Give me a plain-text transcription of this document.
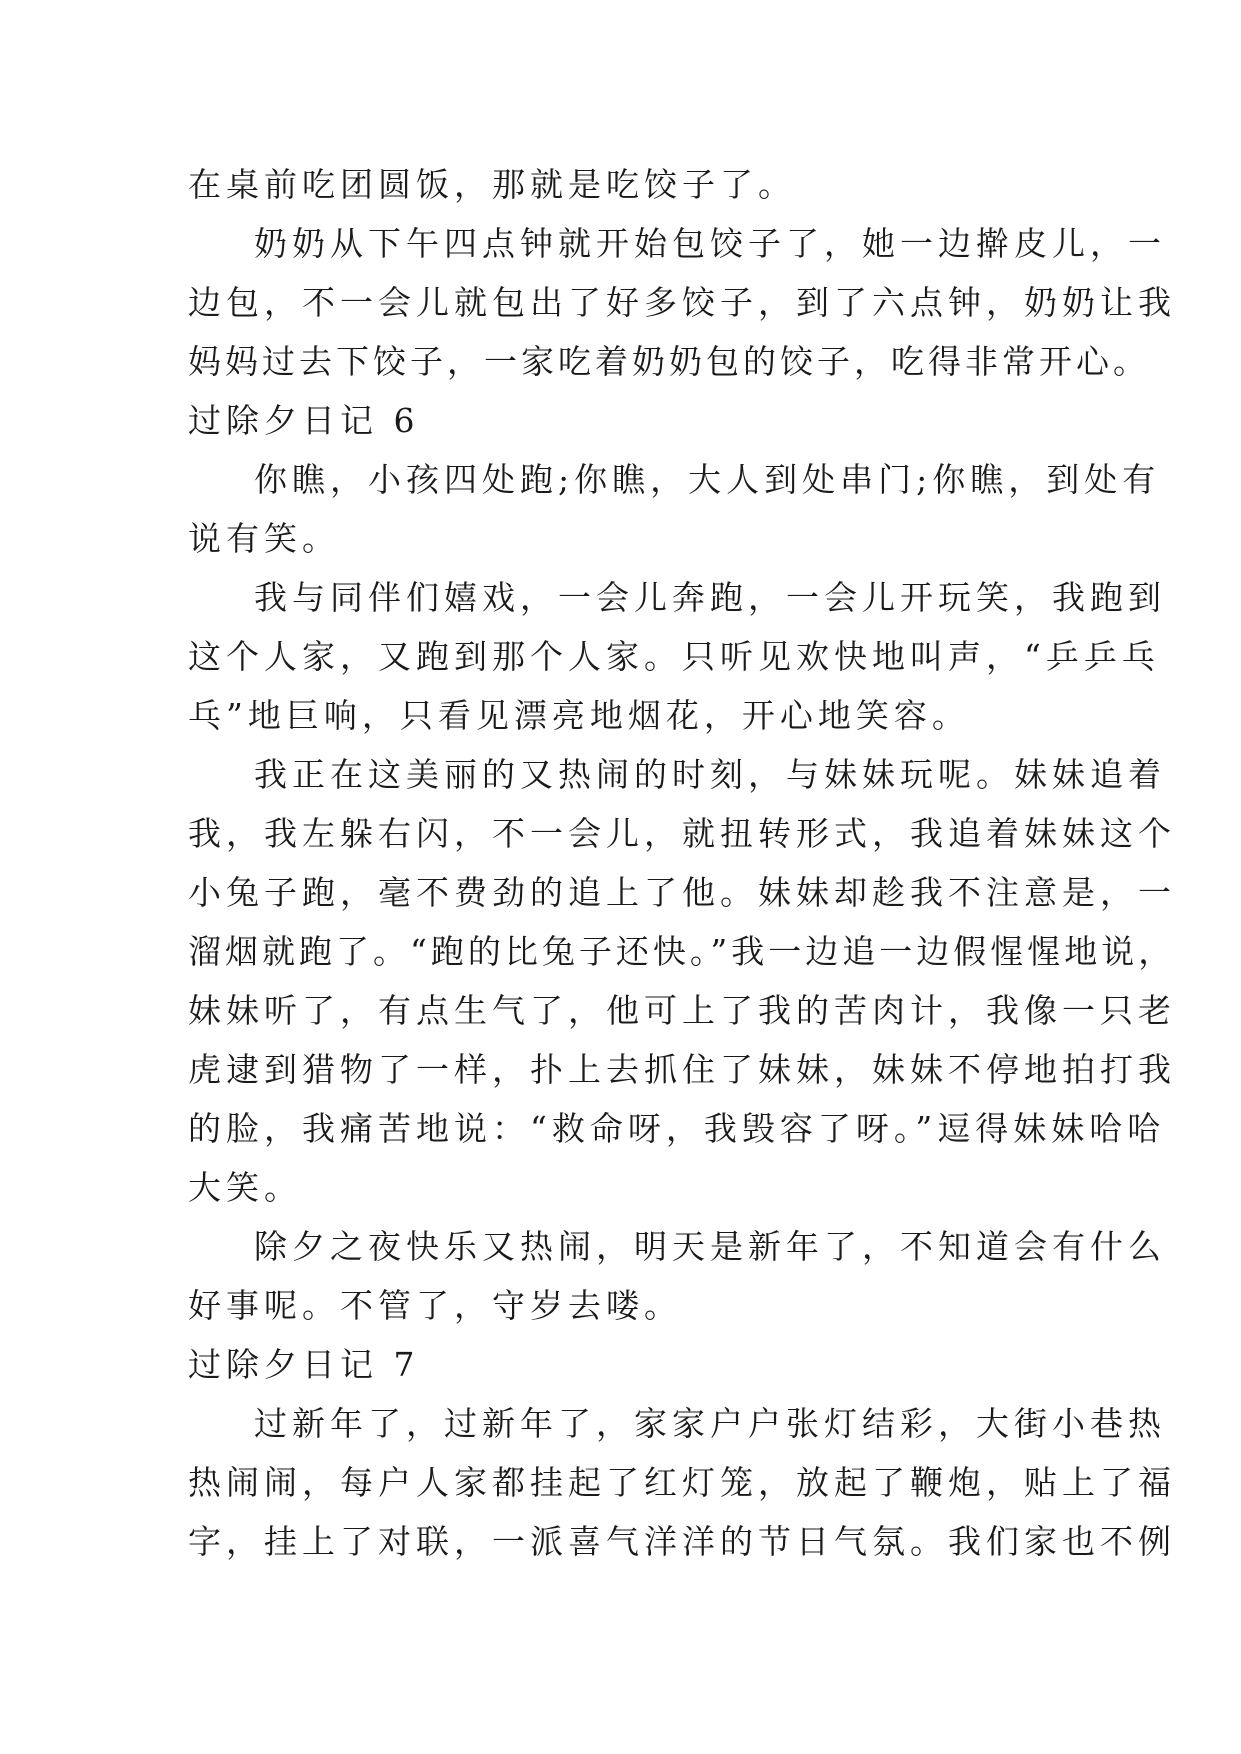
在桌前吃团圆饭，那就是吃饺子了。

奶奶从下午四点钟就开始包饺子了，她一边擀皮儿，一

边包，不一会儿就包出了好多饺子，到了六点钟，奶奶让我

妈妈过去下饺子，一家吃着奶奶包的饺子，吃得非常开心。

过除夕日记 6

你瞧，小孩四处跑;你瞧，大人到处串门;你瞧，到处有

说有笑。

我与同伴们嬉戏，一会儿奔跑，一会儿开玩笑，我跑到

这个人家，又跑到那个人家。只听见欢快地叫声，“乒乒乓

乓”地巨响，只看见漂亮地烟花，开心地笑容。

我正在这美丽的又热闹的时刻，与妹妹玩呢。妹妹追着

我，我左躲右闪，不一会儿，就扭转形式，我追着妹妹这个

小兔子跑，毫不费劲的追上了他。妹妹却趁我不注意是，一

溜烟就跑了。“跑的比兔子还快。”我一边追一边假惺惺地说，

妹妹听了，有点生气了，他可上了我的苦肉计，我像一只老

虎逮到猎物了一样，扑上去抓住了妹妹，妹妹不停地拍打我

的脸，我痛苦地说：“救命呀，我毁容了呀。”逗得妹妹哈哈

大笑。

除夕之夜快乐又热闹，明天是新年了，不知道会有什么

好事呢。不管了，守岁去喽。

过除夕日记 7

过新年了，过新年了，家家户户张灯结彩，大街小巷热

热闹闹，每户人家都挂起了红灯笼，放起了鞭炮，贴上了福

字，挂上了对联，一派喜气洋洋的节日气氛。我们家也不例
